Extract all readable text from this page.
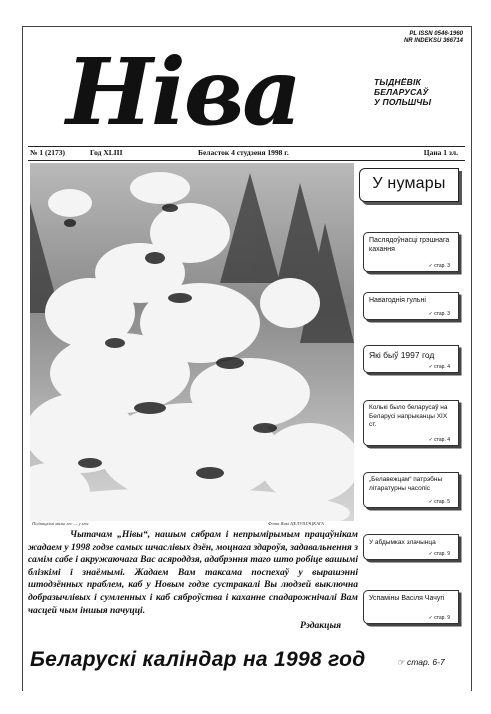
PL ISSN 0546-1960
NR INDEKSU 366714
Ніва	ТЫДНЁВІК
БЕЛАРУСАЎ
У ПОЛЬШЧЫ
№ 1 (2173)	Год XLIII	Беласток 4 студзеня 1998 г.	Цана 1 зл.
Піліпацкімі малы лес — у мос	Фота Янкі ЦЕЛУШЭЦКАГА
У нумары
Паслядоўнасці грэшнага кахання
✓ стар. 3
Навагоднія гульні
✓ стар. 3
Які быў 1997 год
✓ стар. 4
Колькі было беларусаў на Беларусі напрыканцы XIX ст.
✓ стар. 4
„Белавежцам“ патрэбны літаратурны часопіс
✓ стар. 5
У абдымках злачынца
✓ стар. 9
Успаміны Васіля Чачугі
✓ стар. 9
Чытачам „Нівы“, нашым сябрам і непрымірымым працаўнікам жадаем у 1998 годзе самых шчаслівых дзён, моцнага здароўя, задавальнення з самім сабе і акружаючага Вас асяроддзя, адабрэння таго што робіце вашымі блізкімі і знаёмымі. Жадаем Вам таксама поспехаў у вырашэнні штодзённых праблем, каб у Новым годзе сустракалі Вы людзей выключна добразычлівых і сумленных і каб сяброўства і каханне спадарожнічалі Вам часцей чым іншыя пачуцці.
Рэдакцыя
Беларускі калiндар на 1998 год	☞ стар. 6-7
